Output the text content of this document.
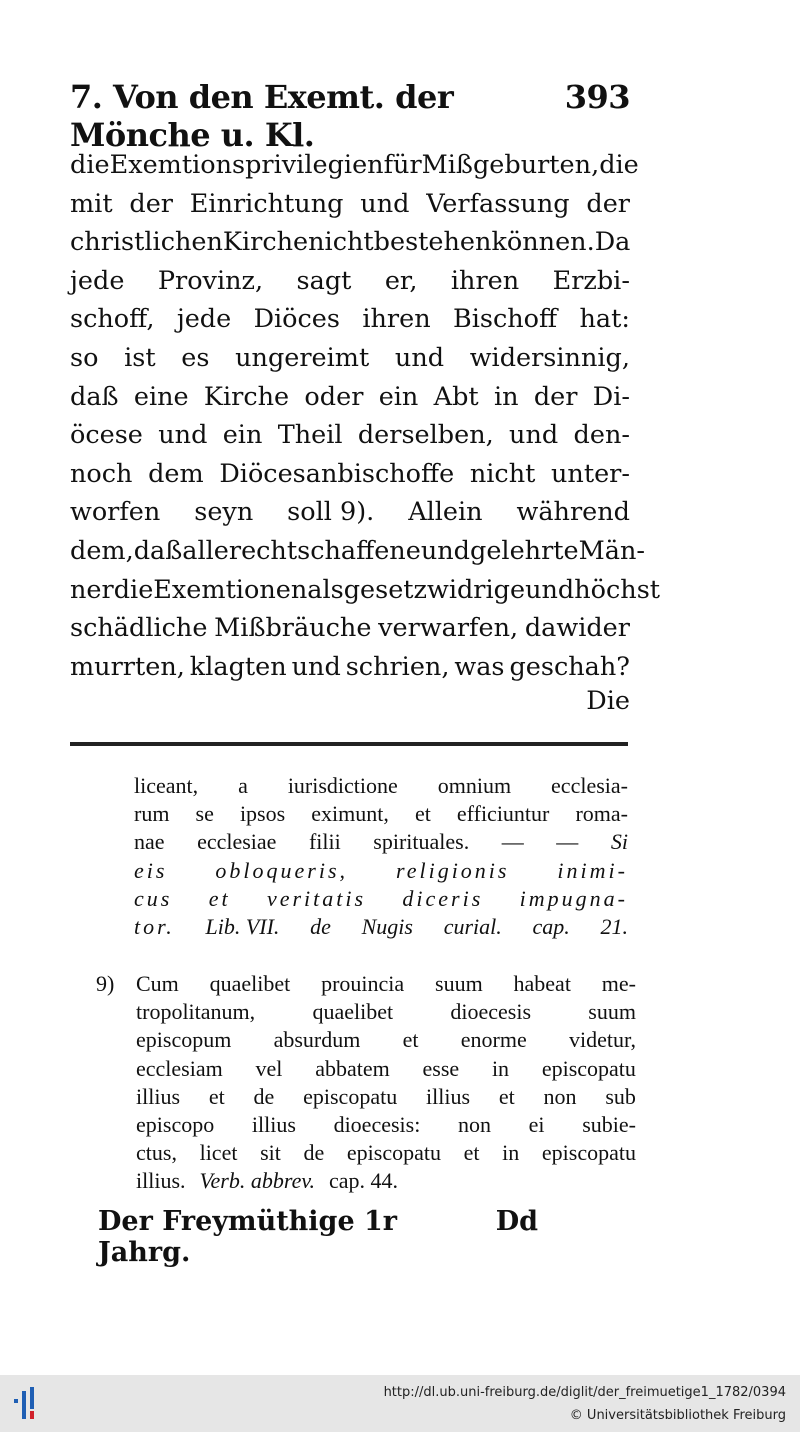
7. Von den Exemt. der Mönche u. Kl.
393
die Exemtionsprivilegien für Mißgeburten, die
mit der Einrichtung und Verfassung der
christlichen Kirche nicht bestehen können. Da
jede Provinz, sagt er, ihren Erzbi-
schoff, jede Diöces ihren Bischoff hat:
so ist es ungereimt und widersinnig,
daß eine Kirche oder ein Abt in der Di-
öcese und ein Theil derselben, und den-
noch dem Diöcesanbischoffe nicht unter-
worfen seyn soll 9). Allein während
dem, daß alle rechtschaffene und gelehrte Män-
ner die Exemtionen als gesetzwidrige und höchst
schädliche Mißbräuche verwarfen, dawider
murrten, klagten und schrien, was geschah?
Die
liceant, a iurisdictione omnium ecclesia-
rum se ipsos eximunt, et efficiuntur roma-
nae ecclesiae filii spirituales. — — Si
eis obloqueris, religionis inimi-
cus et veritatis diceris impugna-
tor. Lib. VII. de Nugis curial. cap. 21.
9) Cum quaelibet prouincia suum habeat me-
tropolitanum,	quaelibet	dioecesis	suum
episcopum absurdum et enorme videtur,
ecclesiam vel abbatem esse in episcopatu
illius et de episcopatu illius et non sub
episcopo illius dioecesis: non ei subie-
ctus, licet sit de episcopatu et in episcopatu
illius. Verb. abbrev. cap. 44.
Der Freymüthige 1r Jahrg.
Dd
http://dl.ub.uni-freiburg.de/diglit/der_freimuetige1_1782/0394
© Universitätsbibliothek Freiburg
